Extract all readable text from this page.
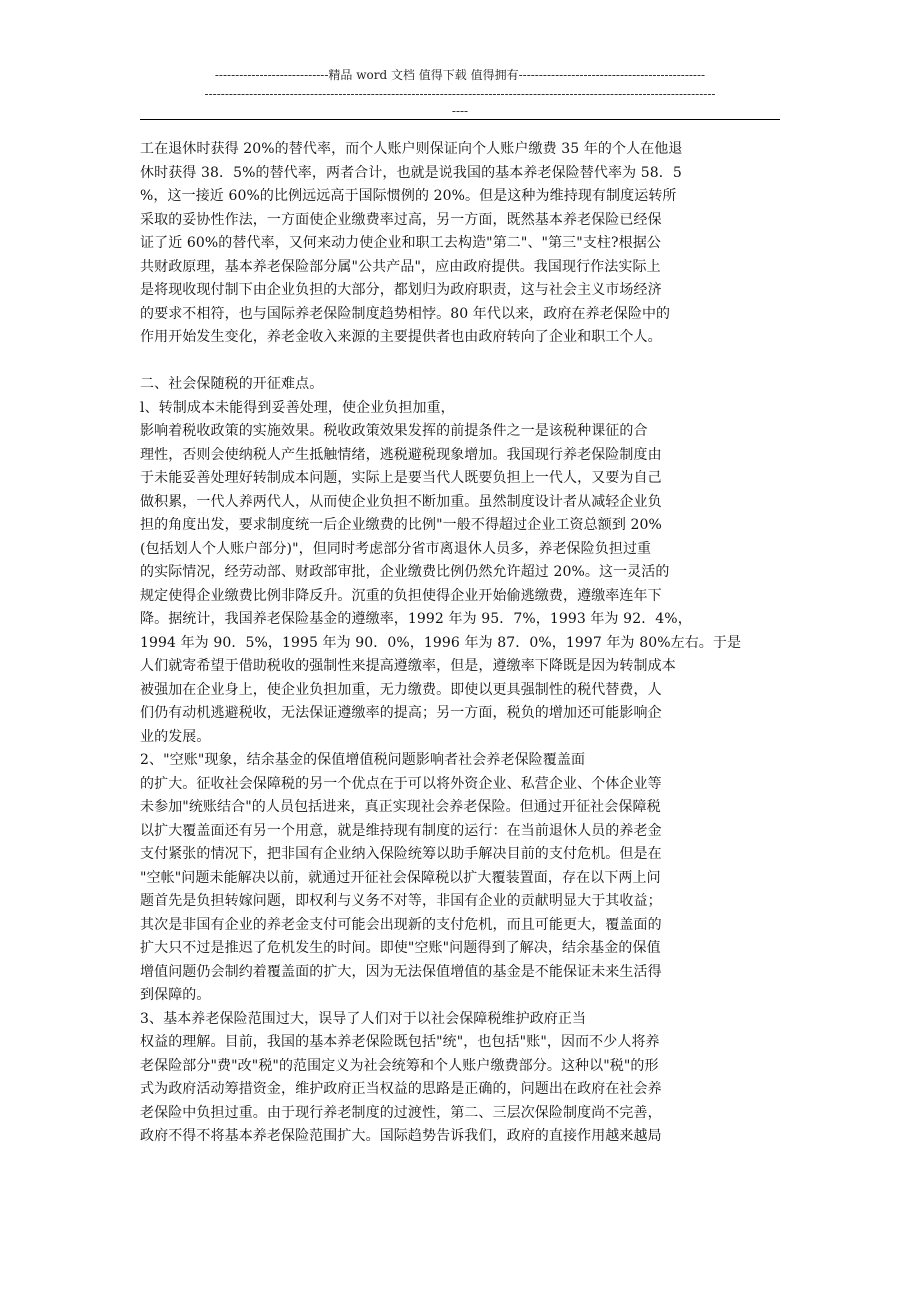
----------------------------精品 word 文档 值得下载 值得拥有----------------------------------------------
------------------------------------------------------------------------------------------------------------------------------
----
工在退休时获得 20%的替代率，而个人账户则保证向个人账户缴费 35 年的个人在他退
休时获得 38．5%的替代率，两者合计，也就是说我国的基本养老保险替代率为 58．5
%，这一接近 60%的比例远远高于国际惯例的 20%。但是这种为维持现有制度运转所
采取的妥协性作法，一方面使企业缴费率过高，另一方面，既然基本养老保险已经保
证了近 60%的替代率，又何来动力使企业和职工去构造"第二"、"第三"支柱?根据公
共财政原理，基本养老保险部分属"公共产品"，应由政府提供。我国现行作法实际上
是将现收现付制下由企业负担的大部分，都划归为政府职责，这与社会主义市场经济
的要求不相符，也与国际养老保险制度趋势相悖。80 年代以来，政府在养老保险中的
作用开始发生变化，养老金收入来源的主要提供者也由政府转向了企业和职工个人。
二、社会保随税的开征难点。
l、转制成本未能得到妥善处理，使企业负担加重，
影响着税收政策的实施效果。税收政策效果发挥的前提条件之一是该税种课征的合
理性，否则会使纳税人产生抵触情绪，逃税避税现象增加。我国现行养老保险制度由
于未能妥善处理好转制成本问题，实际上是要当代人既要负担上一代人，又要为自己
做积累，一代人养两代人，从而使企业负担不断加重。虽然制度设计者从减轻企业负
担的角度出发，要求制度统一后企业缴费的比例"一般不得超过企业工资总额到 20%
(包括划人个人账户部分)"，但同时考虑部分省市离退休人员多，养老保险负担过重
的实际情况，经劳动部、财政部审批，企业缴费比例仍然允许超过 20%。这一灵活的
规定使得企业缴费比例非降反升。沉重的负担使得企业开始偷逃缴费，遵缴率连年下
降。据统计，我国养老保险基金的遵缴率，1992 年为 95．7%，1993 年为 92．4%，
1994 年为 90．5%，1995 年为 90．0%，1996 年为 87．0%，1997 年为 80%左右。于是
人们就寄希望于借助税收的强制性来提高遵缴率，但是，遵缴率下降既是因为转制成本
被强加在企业身上，使企业负担加重，无力缴费。即使以更具强制性的税代替费，人
们仍有动机逃避税收，无法保证遵缴率的提高；另一方面，税负的增加还可能影响企
业的发展。
2、"空账"现象，结余基金的保值增值税问题影响者社会养老保险覆盖面
的扩大。征收社会保障税的另一个优点在于可以将外资企业、私营企业、个体企业等
未参加"统账结合"的人员包括进来，真正实现社会养老保险。但通过开征社会保障税
以扩大覆盖面还有另一个用意，就是维持现有制度的运行：在当前退休人员的养老金
支付紧张的情况下，把非国有企业纳入保险统筹以助手解决目前的支付危机。但是在
"空帐"问题未能解决以前，就通过开征社会保障税以扩大覆装置面，存在以下两上问
题首先是负担转嫁问题，即权利与义务不对等，非国有企业的贡献明显大于其收益；
其次是非国有企业的养老金支付可能会出现新的支付危机，而且可能更大，覆盖面的
扩大只不过是推迟了危机发生的时间。即使"空账"问题得到了解决，结余基金的保值
增值问题仍会制约着覆盖面的扩大，因为无法保值增值的基金是不能保证未来生活得
到保障的。
3、基本养老保险范围过大，误导了人们对于以社会保障税维护政府正当
权益的理解。目前，我国的基本养老保险既包括"统"，也包括"账"，因而不少人将养
老保险部分"费"改"税"的范围定义为社会统筹和个人账户缴费部分。这种以"税"的形
式为政府活动筹措资金，维护政府正当权益的思路是正确的，问题出在政府在社会养
老保险中负担过重。由于现行养老制度的过渡性，第二、三层次保险制度尚不完善，
政府不得不将基本养老保险范围扩大。国际趋势告诉我们，政府的直接作用越来越局
